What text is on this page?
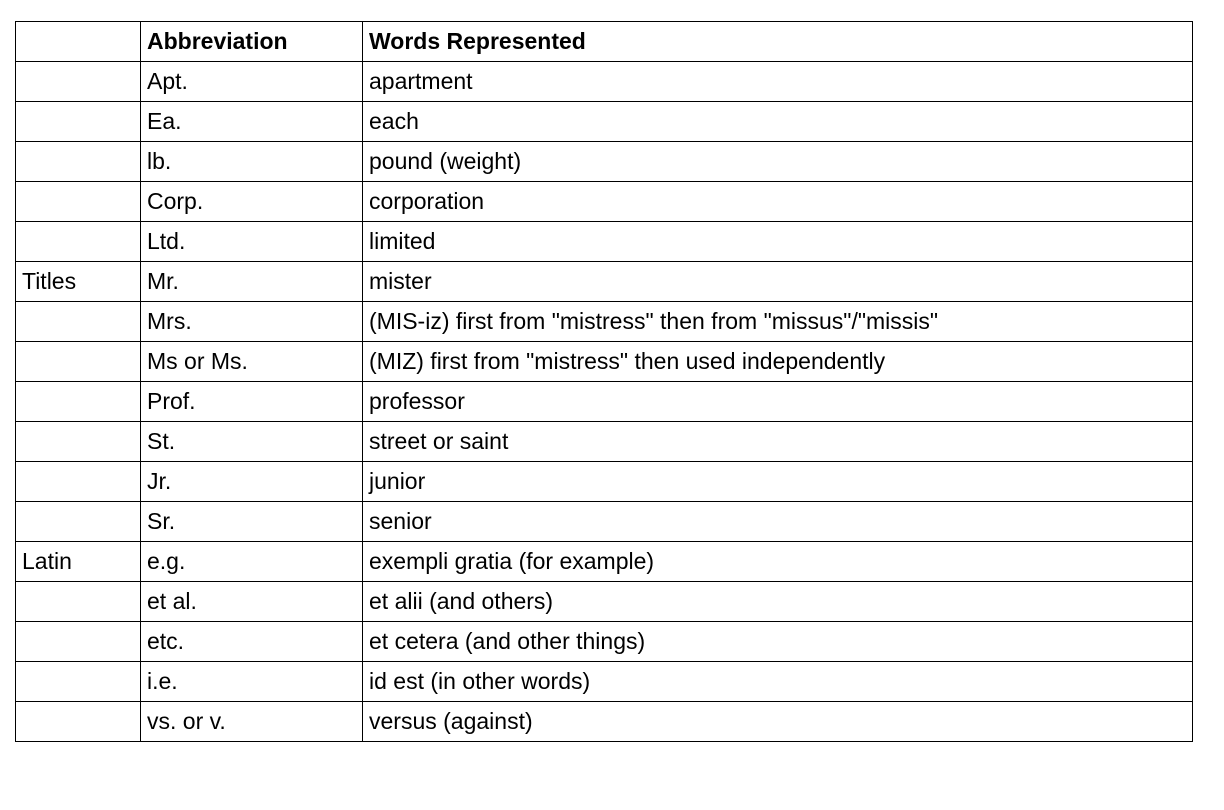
	Abbreviation	Words Represented
	Apt.	apartment
	Ea.	each
	lb.	pound (weight)
	Corp.	corporation
	Ltd.	limited
Titles	Mr.	mister
	Mrs.	(MIS-iz) first from "mistress" then from "missus"/"missis"
	Ms or Ms.	(MIZ) first from "mistress" then used independently
	Prof.	professor
	St.	street or saint
	Jr.	junior
	Sr.	senior
Latin	e.g.	exempli gratia (for example)
	et al.	et alii (and others)
	etc.	et cetera (and other things)
	i.e.	id est (in other words)
	vs. or v.	versus (against)
